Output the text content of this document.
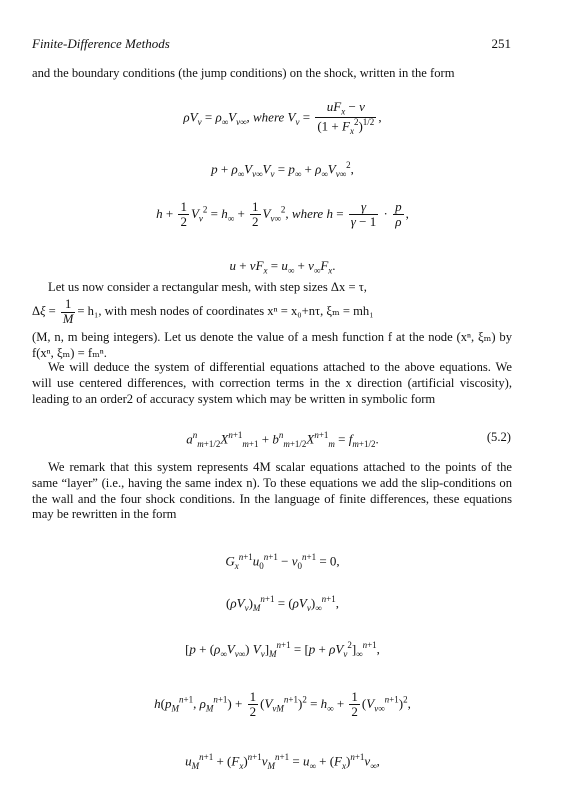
Finite-Difference Methods	251

and the boundary conditions (the jump conditions) on the shock, written in the form

$\rho V_v = \rho_\infty V_{v\infty}$, where $V_v = \frac{uF_x - v}{(1 + F_x^2)^{1/2}}$ ,
$p + \rho_\infty V_{v\infty}V_v = p_\infty + \rho_\infty V_{v\infty}^2$,
$h + \frac{1}{2} V_v^2 = h_\infty + \frac{1}{2} V_{v\infty}^2$, where $h = \frac{\gamma}{\gamma - 1} \cdot \frac{p}{\rho}$ ,
$u + vF_x = u_\infty + v_\infty F_x$.

Let us now consider a rectangular mesh, with step sizes Δx = τ,

$\Delta\xi = \frac{1}{M} = h_1$, with mesh nodes of coordinates xⁿ = x₀+nτ, ξₘ = mh₁

(M, n, m being integers). Let us denote the value of a mesh function f at the node (xⁿ, ξₘ) by f(xⁿ, ξₘ) = fₘⁿ.

We will deduce the system of differential equations attached to the above equations. We will use centered differences, with correction terms in the x direction (artificial viscosity), leading to an order2 of accuracy system which may be written in symbolic form

$a^n_{m+1/2}X^{n+1}_{m+1} + b^n_{m+1/2}X^{n+1}_m = f_{m+1/2}$.	(5.2)

We remark that this system represents 4M scalar equations attached to the points of the same “layer” (i.e., having the same index n). To these equations we add the slip-conditions on the wall and the four shock conditions. In the language of finite differences, these equations may be rewritten in the form

$G_x^{n+1}u_0^{n+1} - v_0^{n+1} = 0$,
$(\rho V_v)_M^{n+1} = (\rho V_v)_\infty^{n+1}$,
$[p + (\rho_\infty V_{v\infty}) V_v]_M^{n+1} = [p + \rho V_v^2]_\infty^{n+1}$,
$h(p_M^{n+1}$, $\rho_M^{n+1}) + \frac{1}{2} (V_{vM}^{n+1})^2 = h_\infty + \frac{1}{2} (V_{v\infty}^{n+1})^2$,
$u_M^{n+1} + (F_x)^{n+1}v_M^{n+1} = u_\infty + (F_x)^{n+1}v_\infty$,
